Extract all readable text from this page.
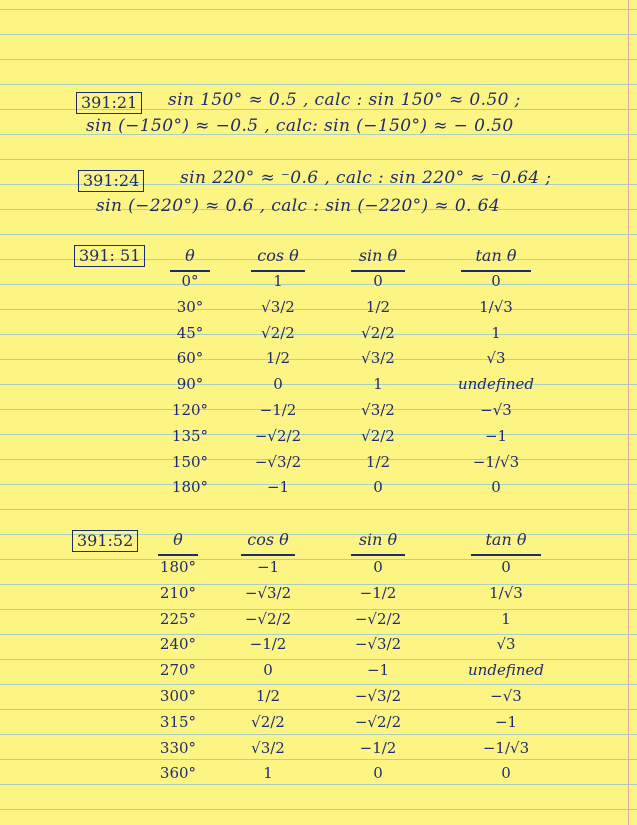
391:21 sin 150° ≈ 0.5 , calc : sin 150° ≈ 0.50 ;
sin (−150°) ≈ −0.5 , calc: sin (−150°) ≈ − 0.50
391:24 sin 220° ≈ ⁻0.6 , calc : sin 220° ≈ ⁻0.64 ;
sin (−220°) ≈ 0.6 , calc : sin (−220°) ≈ 0. 64
391: 51	θ	cos θ	sin θ	tan θ
0°	1	0	0
30°	√3/2	1/2	1/√3
45°	√2/2	√2/2	1
60°	1/2	√3/2	√3
90°	0	1	undefined
120°	−1/2	√3/2	−√3
135°	−√2/2	√2/2	−1
150°	−√3/2	1/2	−1/√3
180°	−1	0	0
391:52	θ	cos θ	sin θ	tan θ
180°	−1	0	0
210°	−√3/2	−1/2	1/√3
225°	−√2/2	−√2/2	1
240°	−1/2	−√3/2	√3
270°	0	−1	undefined
300°	1/2	−√3/2	−√3
315°	√2/2	−√2/2	−1
330°	√3/2	−1/2	−1/√3
360°	1	0	0
